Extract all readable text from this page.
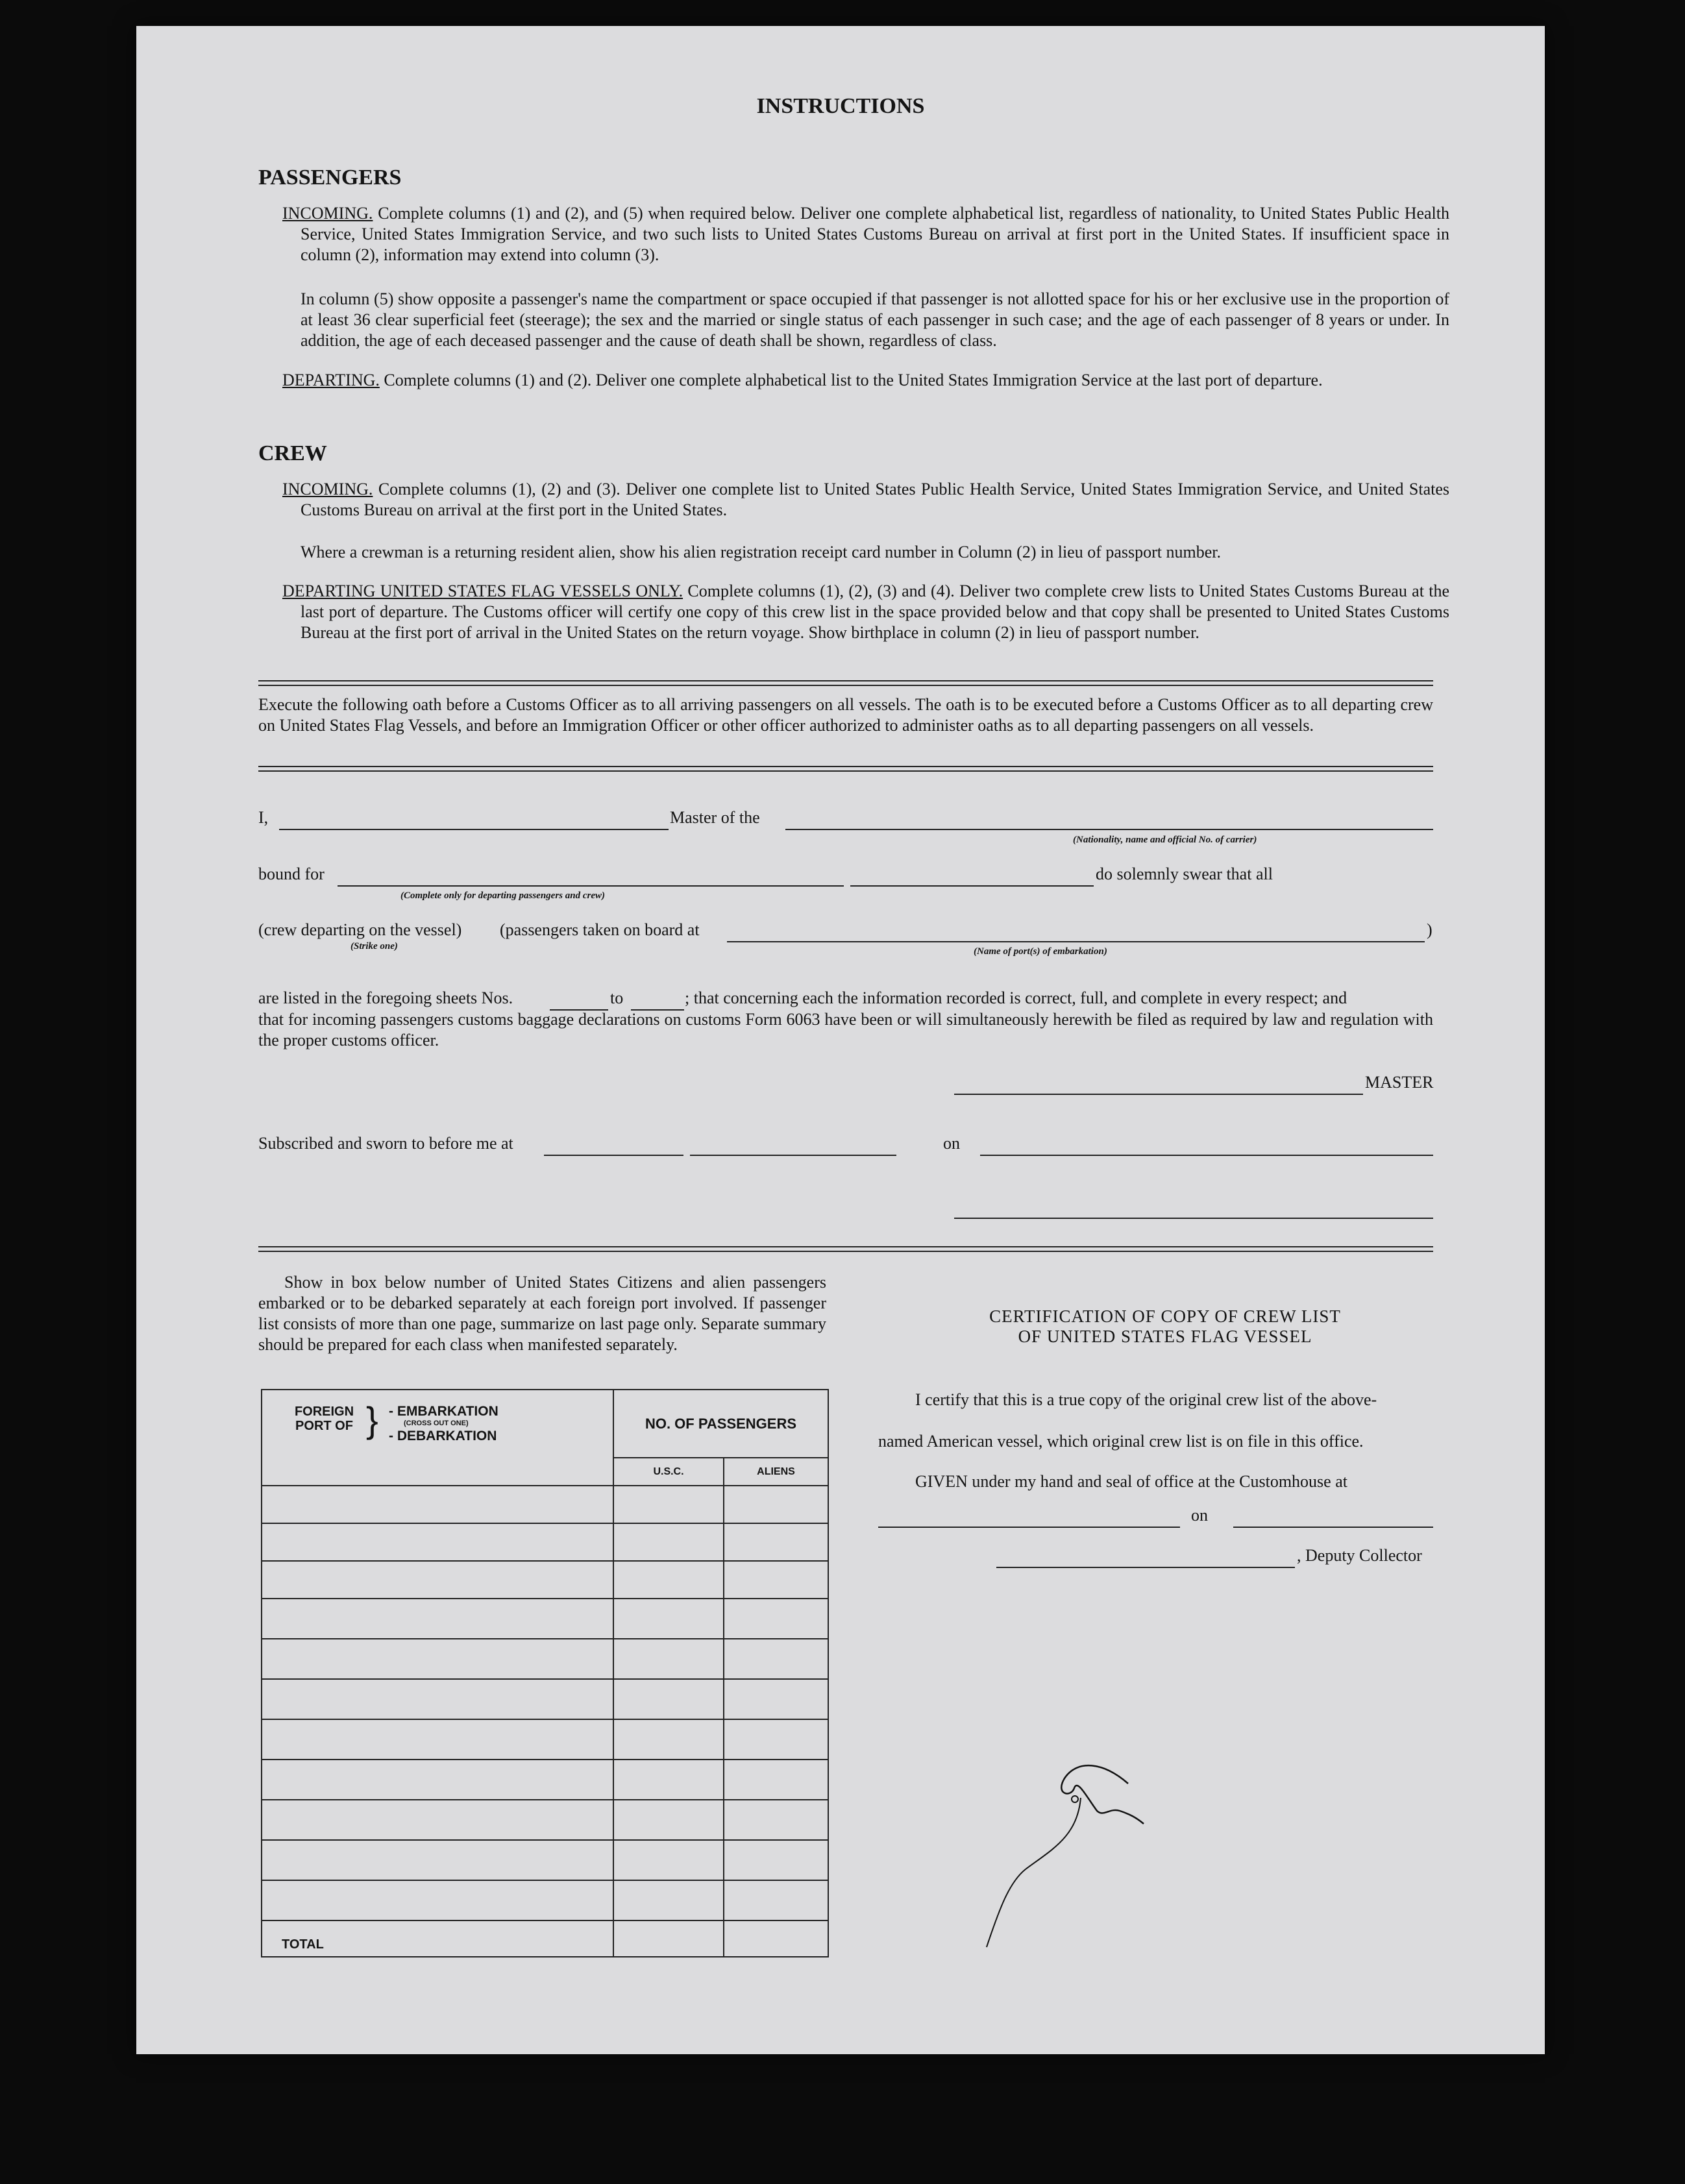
INSTRUCTIONS
PASSENGERS
INCOMING. Complete columns (1) and (2), and (5) when required below. Deliver one complete alphabetical list, regardless of nationality, to United States Public Health Service, United States Immigration Service, and two such lists to United States Customs Bureau on arrival at first port in the United States. If insufficient space in column (2), information may extend into column (3).
In column (5) show opposite a passenger's name the compartment or space occupied if that passenger is not allotted space for his or her exclusive use in the proportion of at least 36 clear superficial feet (steerage); the sex and the married or single status of each passenger in such case; and the age of each passenger of 8 years or under. In addition, the age of each deceased passenger and the cause of death shall be shown, regardless of class.
DEPARTING. Complete columns (1) and (2). Deliver one complete alphabetical list to the United States Immigration Service at the last port of departure.
CREW
INCOMING. Complete columns (1), (2) and (3). Deliver one complete list to United States Public Health Service, United States Immigration Service, and United States Customs Bureau on arrival at the first port in the United States.
Where a crewman is a returning resident alien, show his alien registration receipt card number in Column (2) in lieu of passport number.
DEPARTING UNITED STATES FLAG VESSELS ONLY. Complete columns (1), (2), (3) and (4). Deliver two complete crew lists to United States Customs Bureau at the last port of departure. The Customs officer will certify one copy of this crew list in the space provided below and that copy shall be presented to United States Customs Bureau at the first port of arrival in the United States on the return voyage. Show birthplace in column (2) in lieu of passport number.
Execute the following oath before a Customs Officer as to all arriving passengers on all vessels. The oath is to be executed before a Customs Officer as to all departing crew on United States Flag Vessels, and before an Immigration Officer or other officer authorized to administer oaths as to all departing passengers on all vessels.
I,	Master of the
(Nationality, name and official No. of carrier)
bound for
(Complete only for departing passengers and crew)
do solemnly swear that all
(crew departing on the vessel)
(Strike one)
(passengers taken on board at	)
(Name of port(s) of embarkation)
are listed in the foregoing sheets Nos.	to	; that concerning each the information recorded is correct, full, and complete in every respect; and
that for incoming passengers customs baggage declarations on customs Form 6063 have been or will simultaneously herewith be filed as required by law and regulation with the proper customs officer.
MASTER
Subscribed and sworn to before me at	on
Show in box below number of United States Citizens and alien passengers embarked or to be debarked separately at each foreign port involved. If passenger list consists of more than one page, summarize on last page only. Separate summary should be prepared for each class when manifested separately.
FOREIGN PORT OF } - EMBARKATION
(CROSS OUT ONE)
- DEBARKATION	NO. OF PASSENGERS	
	U.S.C.	ALIENS

TOTAL		
CERTIFICATION OF COPY OF CREW LIST
OF UNITED STATES FLAG VESSEL
I certify that this is a true copy of the original crew list of the above-
named American vessel, which original crew list is on file in this office.
GIVEN under my hand and seal of office at the Customhouse at
on
, Deputy Collector
